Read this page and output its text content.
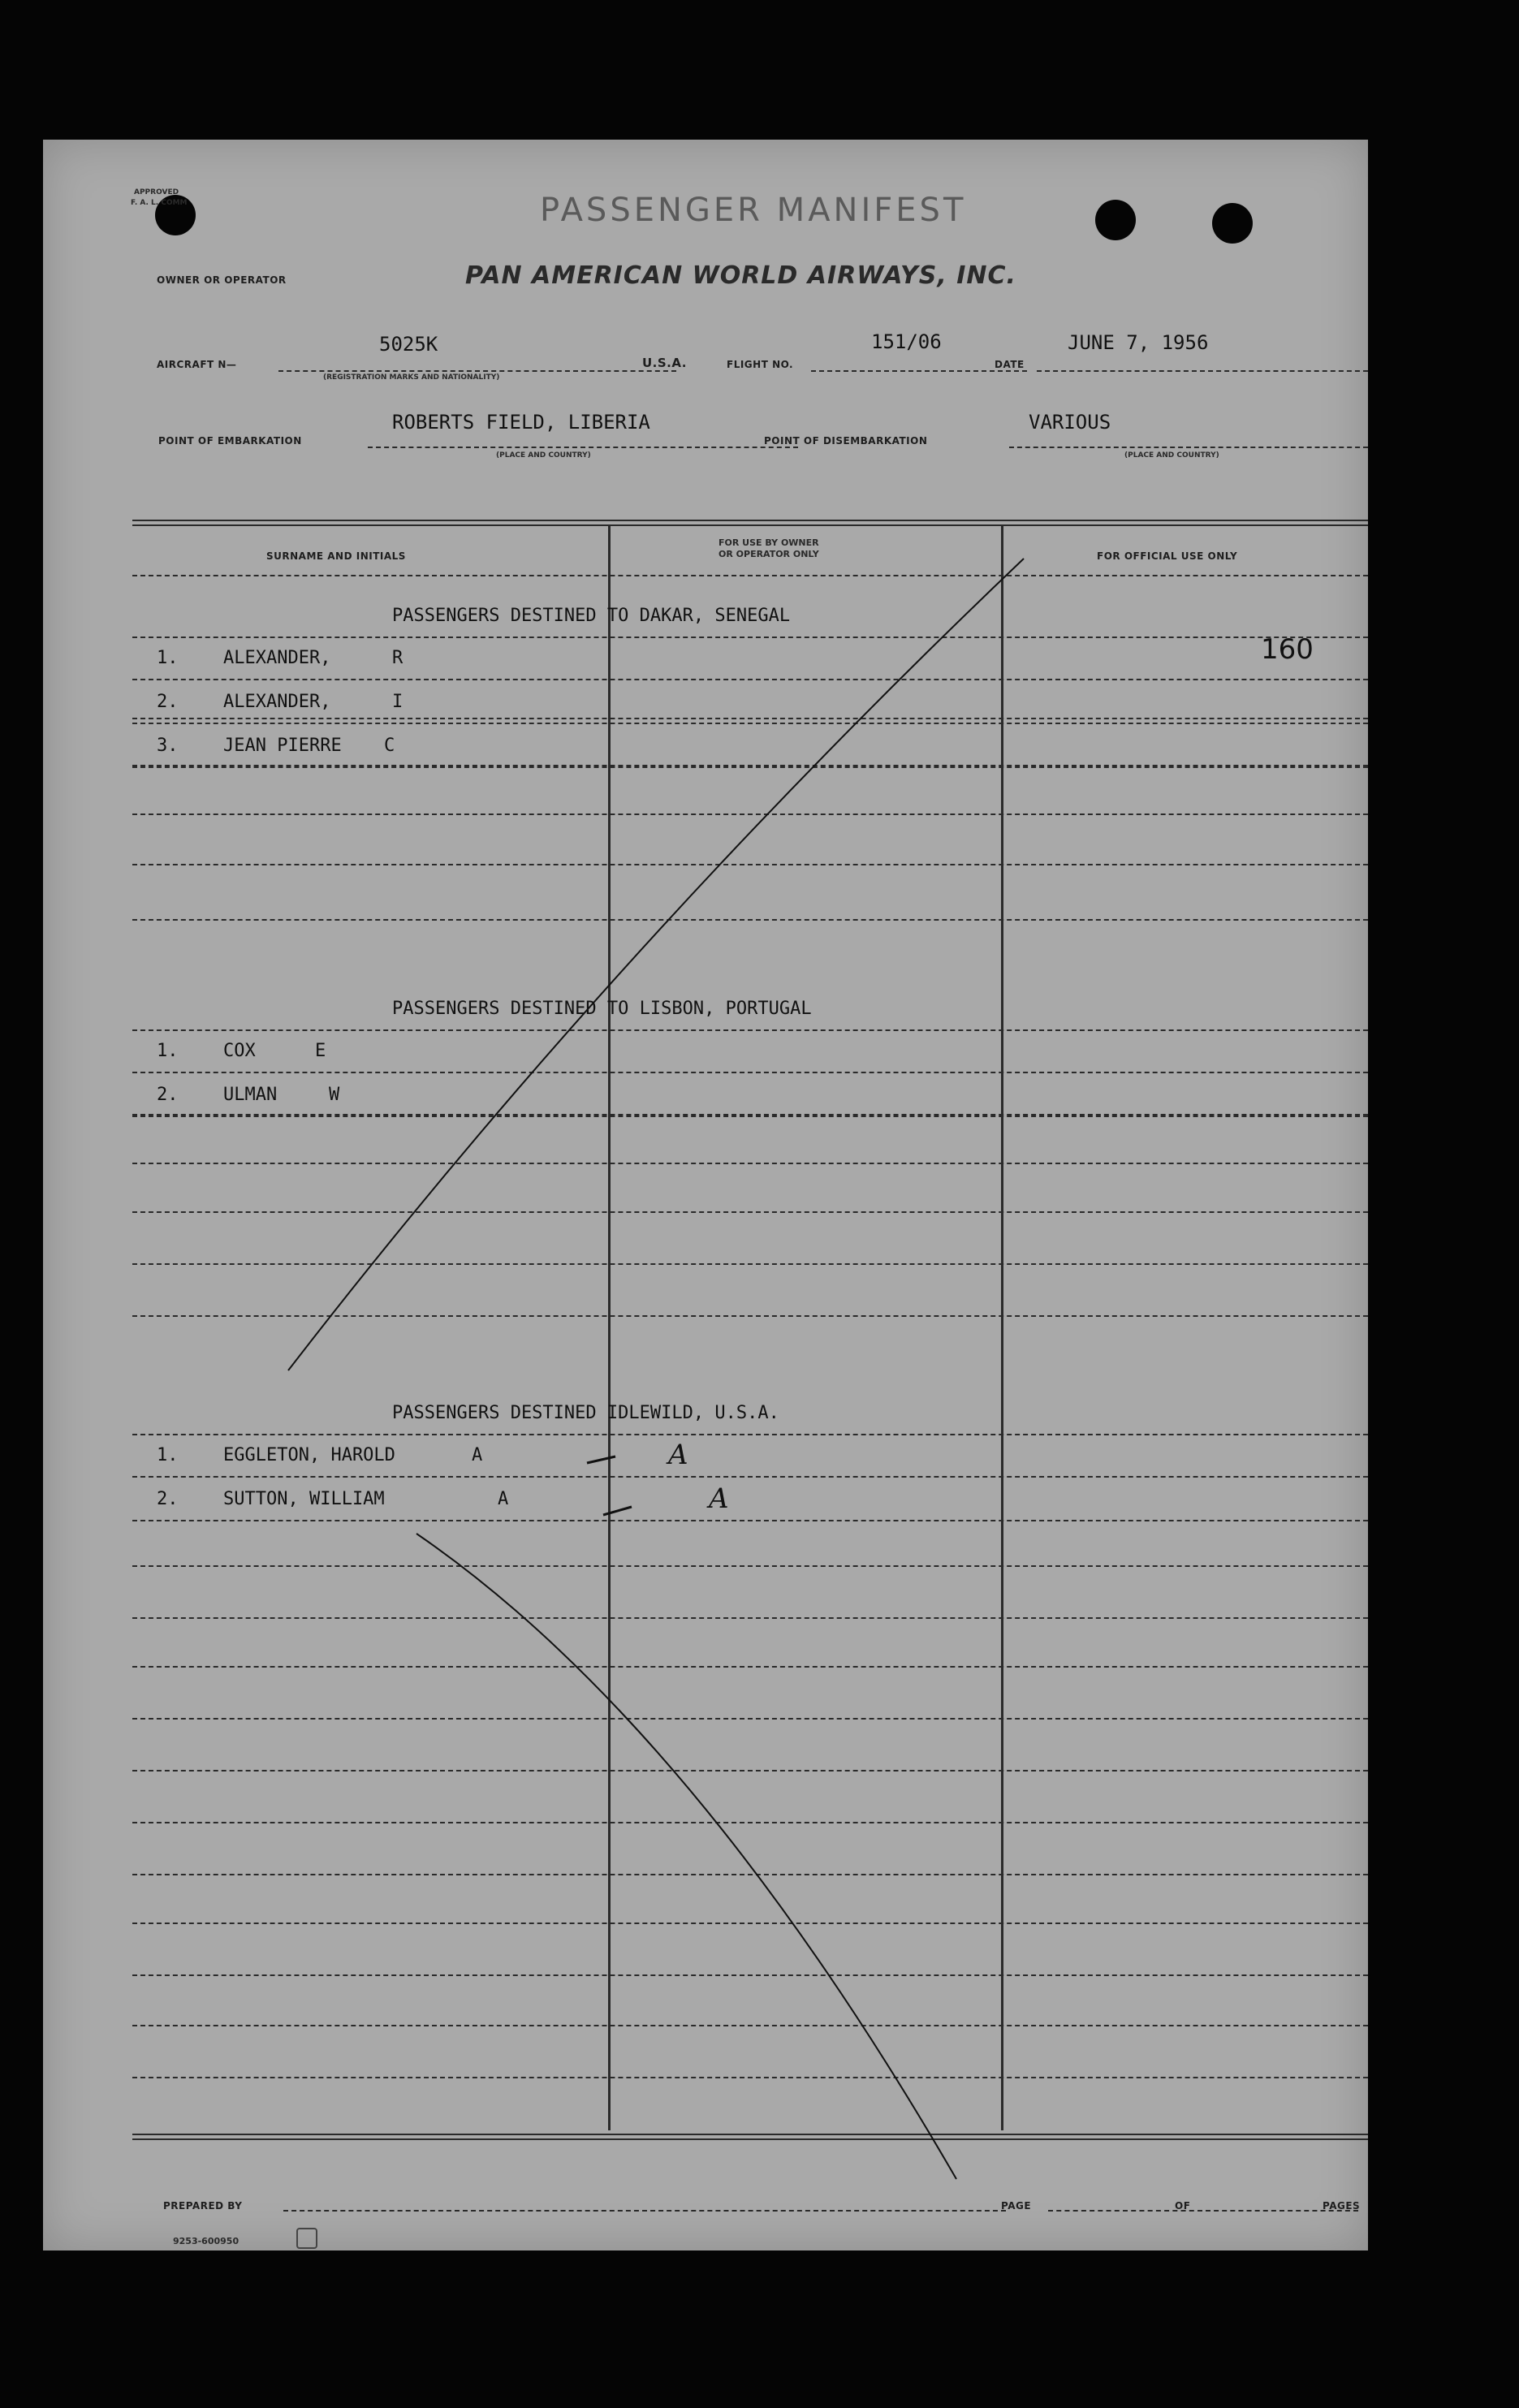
APPROVED
F. A. L. COMM	PASSENGER MANIFEST
OWNER OR OPERATOR	PAN AMERICAN WORLD AIRWAYS, INC.
AIRCRAFT N—
(REGISTRATION MARKS AND NATIONALITY)
5025K
U.S.A.	FLIGHT NO.
151/06
DATE
JUNE 7, 1956
POINT OF EMBARKATION
ROBERTS FIELD, LIBERIA
(PLACE AND COUNTRY)
POINT OF DISEMBARKATION
VARIOUS
(PLACE AND COUNTRY)
SURNAME AND INITIALS
FOR USE BY OWNER
OR OPERATOR ONLY	FOR OFFICIAL USE ONLY
PASSENGERS DESTINED TO DAKAR, SENEGAL
1.	ALEXANDER,	R
2.	ALEXANDER,	I
3.	JEAN PIERRE C
PASSENGERS DESTINED TO LISBON, PORTUGAL
1.	COX	E
2.	ULMAN	W
PASSENGERS DESTINED IDLEWILD, U.S.A.
1.	EGGLETON, HAROLD	A	A
2.	SUTTON, WILLIAM	A	A
160
PREPARED BY	PAGE	OF	PAGES
9253-600950
